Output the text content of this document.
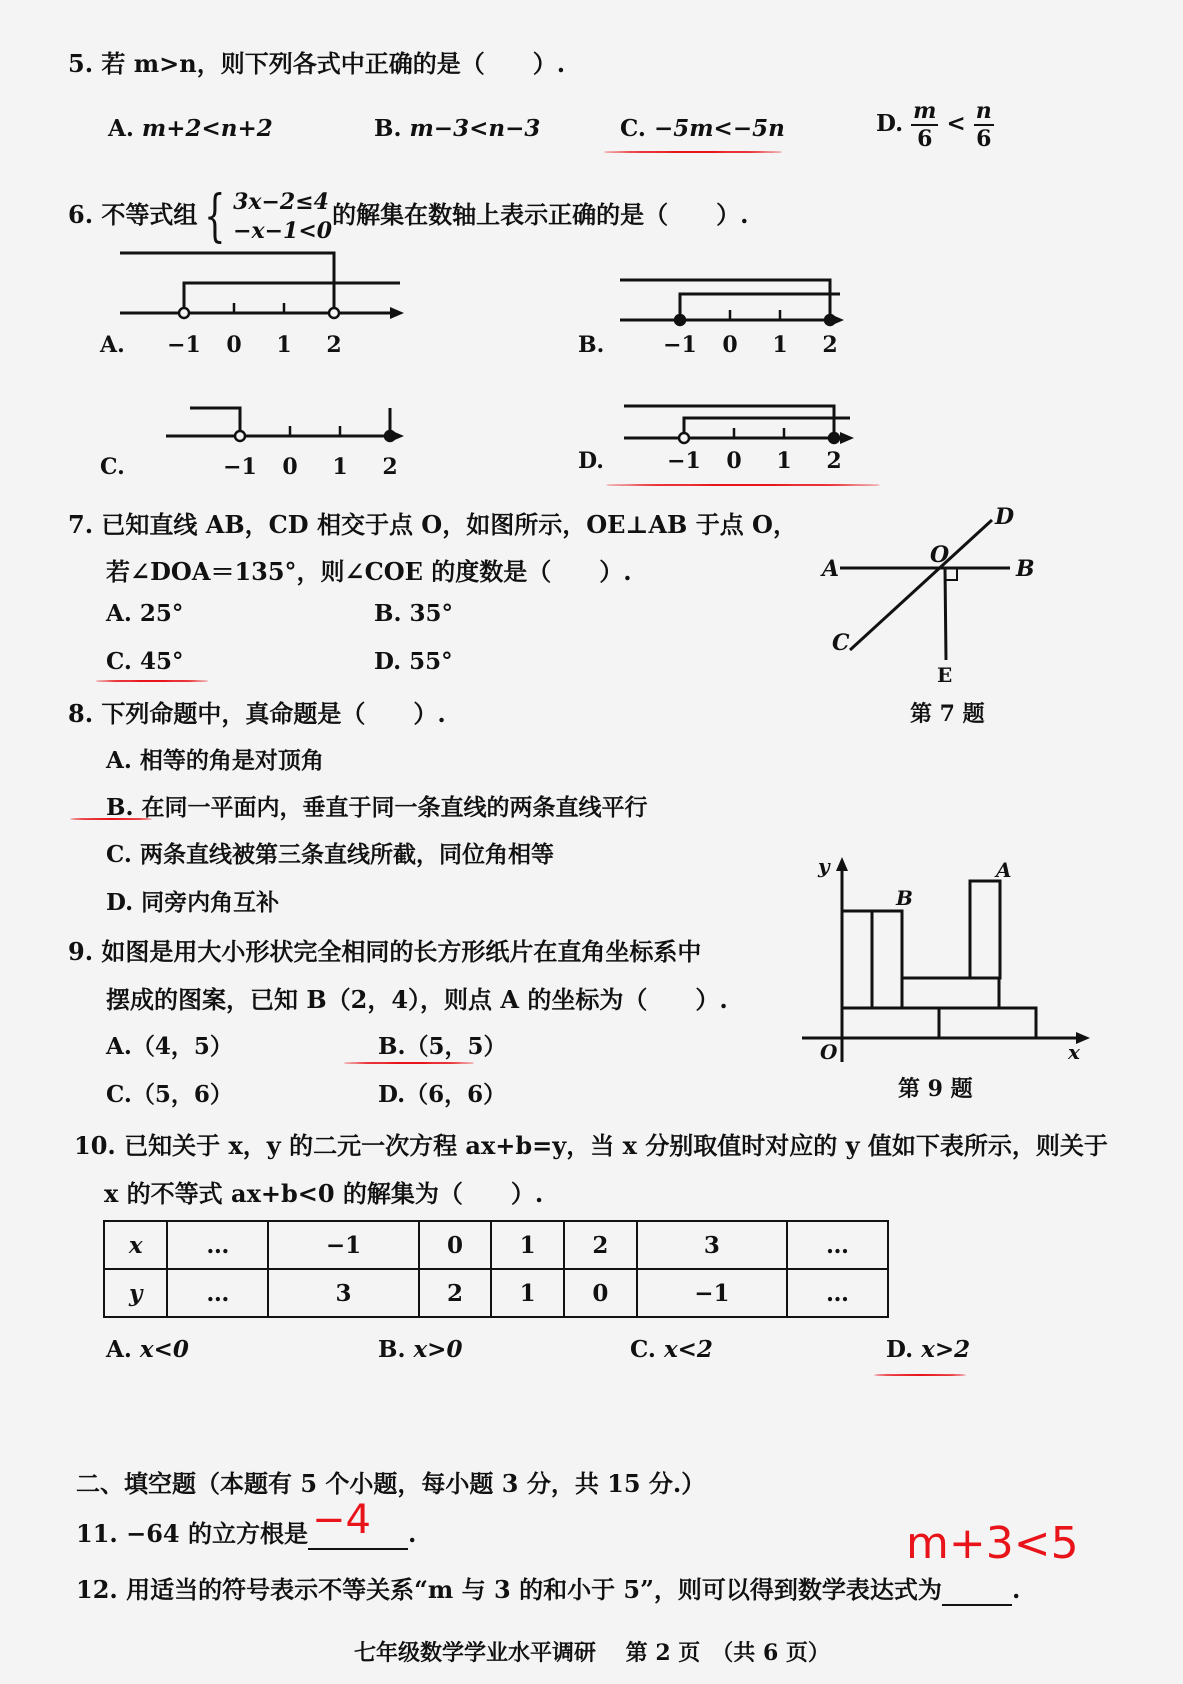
5. 若 m>n，则下列各式中正确的是（　　）.
A. m+2<n+2	B. m−3<n−3	C. −5m<−5n	D. $\frac{m}{6} < \frac{n}{6}$
6. 不等式组 { 3x−2≤4
−x−1<0
的解集在数轴上表示正确的是（　　）.
A. −1 0 1 2	B.	−1 0 1 2
C.	−1 0 1 2	D.	−1 0 1 2
7. 已知直线 AB，CD 相交于点 O，如图所示，OE⊥AB 于点 O，
若∠DOA＝135°，则∠COE 的度数是（　　）.
A. 25°	B. 35°
C. 45°	D. 55°
A	B
C
D
O
E
第 7 题
8. 下列命题中，真命题是（　　）.
A. 相等的角是对顶角
B. 在同一平面内，垂直于同一条直线的两条直线平行
C. 两条直线被第三条直线所截，同位角相等
D. 同旁内角互补
9. 如图是用大小形状完全相同的长方形纸片在直角坐标系中
摆成的图案，已知 B（2，4），则点 A 的坐标为（　　）.
A.（4，5）	B.（5，5）
C.（5，6）	D.（6，6）
y
x
O
B
A
第 9 题
10. 已知关于 x，y 的二元一次方程 ax+b=y，当 x 分别取值时对应的 y 值如下表所示，则关于
x 的不等式 ax+b<0 的解集为（　　）.
x	…	−1	0	1	2	3	…
y	…	3	2	1	0	−1	…
A. x<0	B. x>0	C. x<2	D. x>2
二、填空题（本题有 5 个小题，每小题 3 分，共 15 分.）
11. −64 的立方根是 −4 .	m+3<5
12. 用适当的符号表示不等关系“m 与 3 的和小于 5”，则可以得到数学表达式为	.
七年级数学学业水平调研　 第 2 页　（共 6 页）
